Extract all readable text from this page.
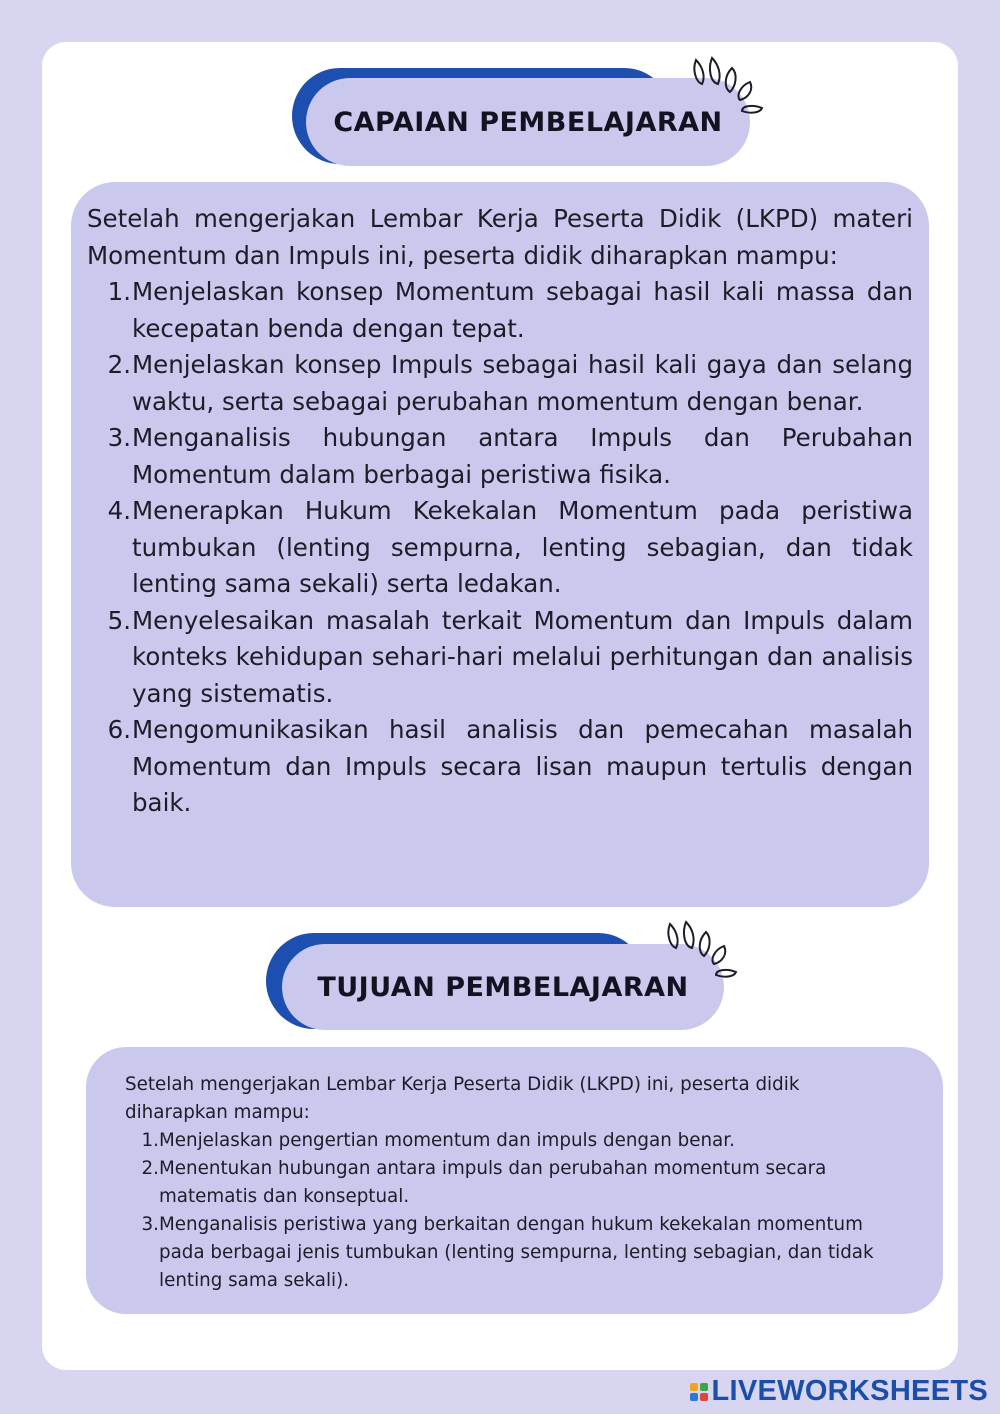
CAPAIAN PEMBELAJARAN

Setelah mengerjakan Lembar Kerja Peserta Didik (LKPD) materi Momentum dan Impuls ini, peserta didik diharapkan mampu:

1. Menjelaskan konsep Momentum sebagai hasil kali massa dan kecepatan benda dengan tepat.
2. Menjelaskan konsep Impuls sebagai hasil kali gaya dan selang waktu, serta sebagai perubahan momentum dengan benar.
3. Menganalisis hubungan antara Impuls dan Perubahan Momentum dalam berbagai peristiwa fisika.
4. Menerapkan Hukum Kekekalan Momentum pada peristiwa tumbukan (lenting sempurna, lenting sebagian, dan tidak lenting sama sekali) serta ledakan.
5. Menyelesaikan masalah terkait Momentum dan Impuls dalam konteks kehidupan sehari-hari melalui perhitungan dan analisis yang sistematis.
6. Mengomunikasikan hasil analisis dan pemecahan masalah Momentum dan Impuls secara lisan maupun tertulis dengan baik.
TUJUAN PEMBELAJARAN

Setelah mengerjakan Lembar Kerja Peserta Didik (LKPD) ini, peserta didik diharapkan mampu:

1. Menjelaskan pengertian momentum dan impuls dengan benar.
2. Menentukan hubungan antara impuls dan perubahan momentum secara matematis dan konseptual.
3. Menganalisis peristiwa yang berkaitan dengan hukum kekekalan momentum pada berbagai jenis tumbukan (lenting sempurna, lenting sebagian, dan tidak lenting sama sekali).
LIVEWORKSHEETS
